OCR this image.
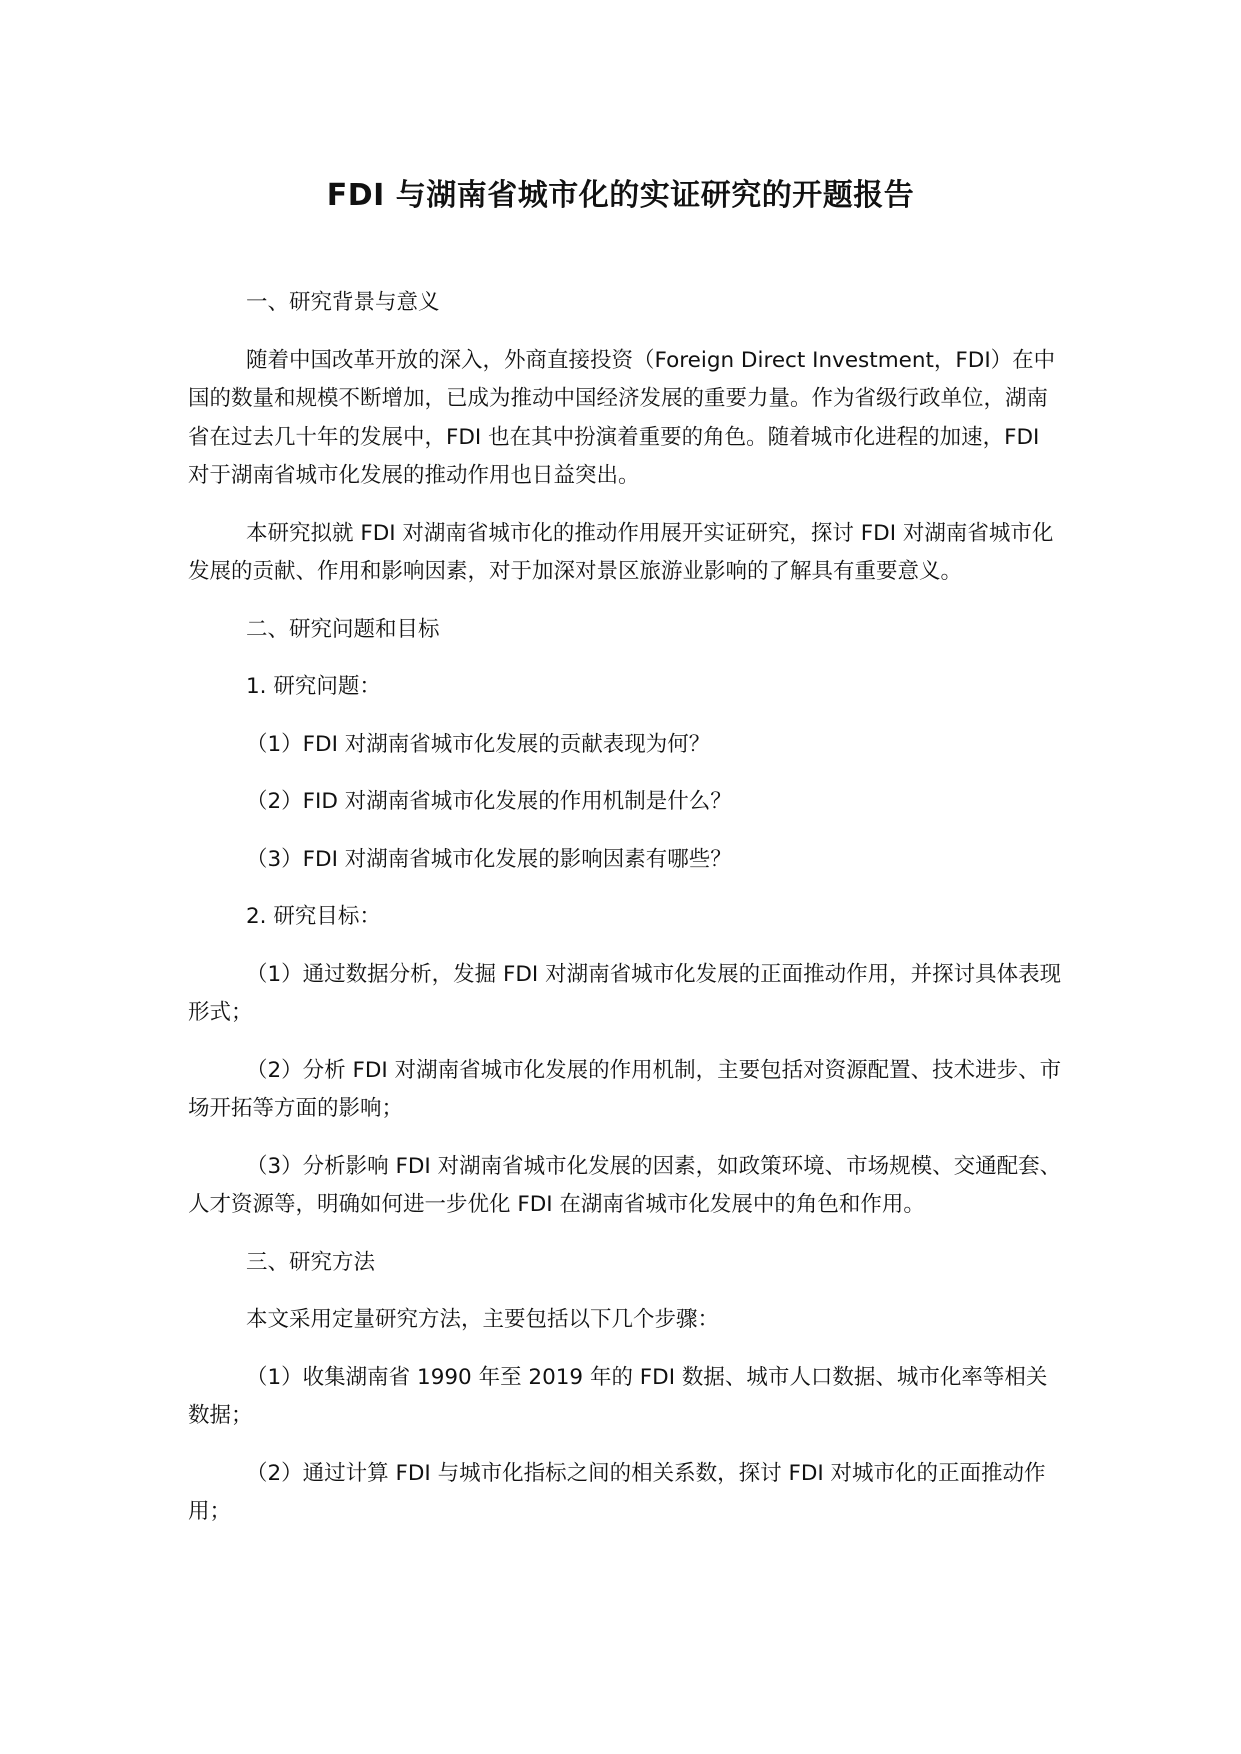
FDI 与湖南省城市化的实证研究的开题报告

一、研究背景与意义

随着中国改革开放的深入，外商直接投资（Foreign Direct Investment，FDI）在中国的数量和规模不断增加，已成为推动中国经济发展的重要力量。作为省级行政单位，湖南省在过去几十年的发展中，FDI 也在其中扮演着重要的角色。随着城市化进程的加速，FDI 对于湖南省城市化发展的推动作用也日益突出。

本研究拟就 FDI 对湖南省城市化的推动作用展开实证研究，探讨 FDI 对湖南省城市化发展的贡献、作用和影响因素，对于加深对景区旅游业影响的了解具有重要意义。

二、研究问题和目标

1. 研究问题：

（1）FDI 对湖南省城市化发展的贡献表现为何？

（2）FID 对湖南省城市化发展的作用机制是什么？

（3）FDI 对湖南省城市化发展的影响因素有哪些？

2. 研究目标：

（1）通过数据分析，发掘 FDI 对湖南省城市化发展的正面推动作用，并探讨具体表现形式；

（2）分析 FDI 对湖南省城市化发展的作用机制，主要包括对资源配置、技术进步、市场开拓等方面的影响；

（3）分析影响 FDI 对湖南省城市化发展的因素，如政策环境、市场规模、交通配套、人才资源等，明确如何进一步优化 FDI 在湖南省城市化发展中的角色和作用。

三、研究方法

本文采用定量研究方法，主要包括以下几个步骤：

（1）收集湖南省 1990 年至 2019 年的 FDI 数据、城市人口数据、城市化率等相关数据；

（2）通过计算 FDI 与城市化指标之间的相关系数，探讨 FDI 对城市化的正面推动作用；
